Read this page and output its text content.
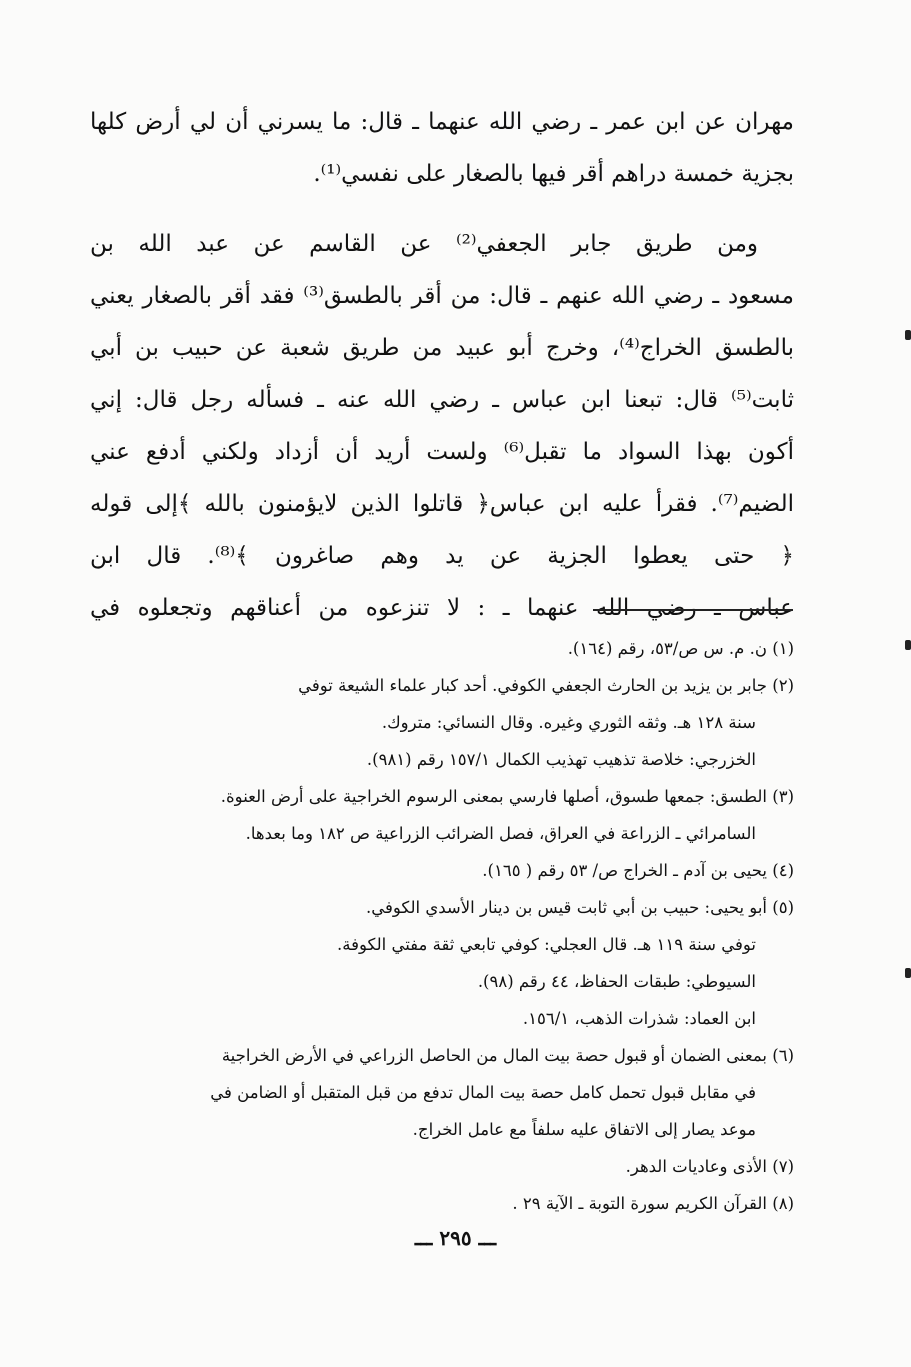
مهران عن ابن عمر ـ رضي الله عنهما ـ قال: ما يسرني أن لي أرض كلها
بجزية خمسة دراهم أقر فيها بالصغار على نفسي⁽¹⁾.
ومن طريق جابر الجعفي⁽²⁾ عن القاسم عن عبد الله بن
مسعود ـ رضي الله عنهم ـ قال: من أقر بالطسق⁽³⁾ فقد أقر بالصغار يعني
بالطسق الخراج⁽⁴⁾، وخرج أبو عبيد من طريق شعبة عن حبيب بن أبي
ثابت⁽⁵⁾ قال: تبعنا ابن عباس ـ رضي الله عنه ـ فسأله رجل قال: إني
أكون بهذا السواد ما تقبل⁽⁶⁾ ولست أريد أن أزداد ولكني أدفع عني
الضيم⁽⁷⁾. فقرأ عليه ابن عباس﴿ قاتلوا الذين لايؤمنون بالله ﴾إلى قوله
﴿ حتى يعطوا الجزية عن يد وهم صاغرون ﴾⁽⁸⁾. قال ابن
عباس ـ رضي الله عنهما ـ : لا تنزعوه من أعناقهم وتجعلوه في
(١) ن. م. س ص/٥٣، رقم (١٦٤).
(٢) جابر بن يزيد بن الحارث الجعفي الكوفي. أحد كبار علماء الشيعة توفي
سنة ١٢٨ هـ. وثقه الثوري وغيره. وقال النسائي: متروك.
الخزرجي: خلاصة تذهيب تهذيب الكمال ١٥٧/١ رقم (٩٨١).
(٣) الطسق: جمعها طسوق، أصلها فارسي بمعنى الرسوم الخراجية على أرض العنوة.
السامرائي ـ الزراعة في العراق، فصل الضرائب الزراعية ص ١٨٢ وما بعدها.
(٤) يحيى بن آدم ـ الخراج ص/ ٥٣ رقم ( ١٦٥).
(٥) أبو يحيى: حبيب بن أبي ثابت قيس بن دينار الأسدي الكوفي.
توفي سنة ١١٩ هـ. قال العجلي: كوفي تابعي ثقة مفتي الكوفة.
السيوطي: طبقات الحفاظ، ٤٤ رقم (٩٨).
ابن العماد: شذرات الذهب، ١٥٦/١.
(٦) بمعنى الضمان أو قبول حصة بيت المال من الحاصل الزراعي في الأرض الخراجية
في مقابل قبول تحمل كامل حصة بيت المال تدفع من قبل المتقبل أو الضامن في
موعد يصار إلى الاتفاق عليه سلفاً مع عامل الخراج.
(٧) الأذى وعاديات الدهر.
(٨) القرآن الكريم سورة التوبة ـ الآية ٢٩ .
ـــ ٢٩٥ ـــ
